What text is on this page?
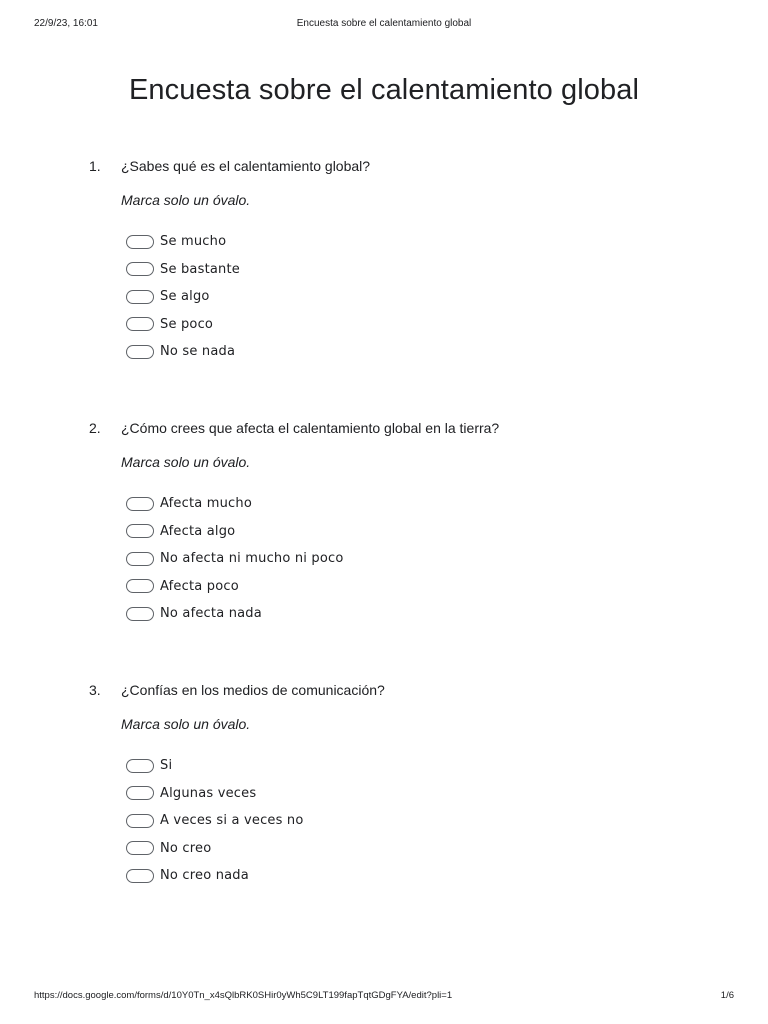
22/9/23, 16:01	Encuesta sobre el calentamiento global
Encuesta sobre el calentamiento global
1. ¿Sabes qué es el calentamiento global?
Marca solo un óvalo.
Se mucho
Se bastante
Se algo
Se poco
No se nada
2. ¿Cómo crees que afecta el calentamiento global en la tierra?
Marca solo un óvalo.
Afecta mucho
Afecta algo
No afecta ni mucho ni poco
Afecta poco
No afecta nada
3. ¿Confías en los medios de comunicación?
Marca solo un óvalo.
Si
Algunas veces
A veces si a veces no
No creo
No creo nada
https://docs.google.com/forms/d/10Y0Tn_x4sQlbRK0SHir0yWh5C9LT199fapTqtGDgFYA/edit?pli=1	1/6
